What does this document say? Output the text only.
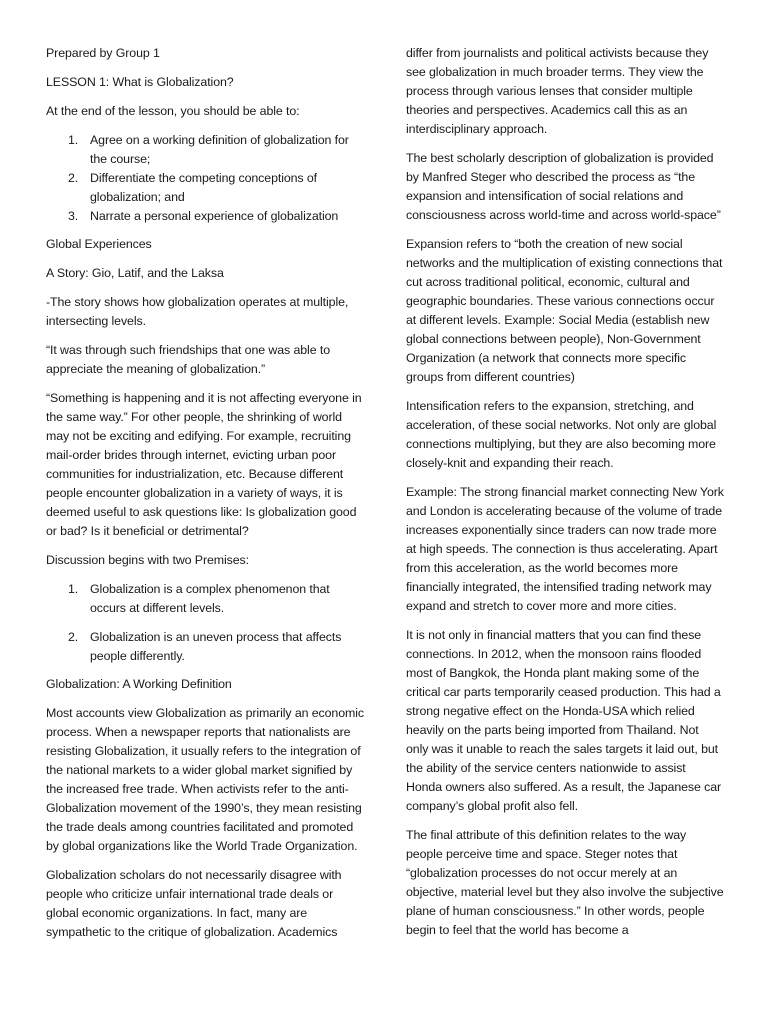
Prepared by Group 1

LESSON 1: What is Globalization?

At the end of the lesson, you should be able to:

1. Agree on a working definition of globalization for the course;
2. Differentiate the competing conceptions of globalization; and
3. Narrate a personal experience of globalization

Global Experiences

A Story: Gio, Latif, and the Laksa

-The story shows how globalization operates at multiple, intersecting levels.

“It was through such friendships that one was able to appreciate the meaning of globalization.”

“Something is happening and it is not affecting everyone in the same way.” For other people, the shrinking of world may not be exciting and edifying. For example, recruiting mail-order brides through internet, evicting urban poor communities for industrialization, etc. Because different people encounter globalization in a variety of ways, it is deemed useful to ask questions like: Is globalization good or bad? Is it beneficial or detrimental?

Discussion begins with two Premises:

1. Globalization is a complex phenomenon that occurs at different levels.
2. Globalization is an uneven process that affects people differently.

Globalization: A Working Definition

Most accounts view Globalization as primarily an economic process. When a newspaper reports that nationalists are resisting Globalization, it usually refers to the integration of the national markets to a wider global market signified by the increased free trade. When activists refer to the anti-Globalization movement of the 1990’s, they mean resisting the trade deals among countries facilitated and promoted by global organizations like the World Trade Organization.

Globalization scholars do not necessarily disagree with people who criticize unfair international trade deals or global economic organizations. In fact, many are sympathetic to the critique of globalization. Academics

differ from journalists and political activists because they see globalization in much broader terms. They view the process through various lenses that consider multiple theories and perspectives. Academics call this as an interdisciplinary approach.

The best scholarly description of globalization is provided by Manfred Steger who described the process as “the expansion and intensification of social relations and consciousness across world-time and across world-space”

Expansion refers to “both the creation of new social networks and the multiplication of existing connections that cut across traditional political, economic, cultural and geographic boundaries. These various connections occur at different levels. Example: Social Media (establish new global connections between people), Non-Government Organization (a network that connects more specific groups from different countries)

Intensification refers to the expansion, stretching, and acceleration, of these social networks. Not only are global connections multiplying, but they are also becoming more closely-knit and expanding their reach.

Example: The strong financial market connecting New York and London is accelerating because of the volume of trade increases exponentially since traders can now trade more at high speeds. The connection is thus accelerating. Apart from this acceleration, as the world becomes more financially integrated, the intensified trading network may expand and stretch to cover more and more cities.

It is not only in financial matters that you can find these connections. In 2012, when the monsoon rains flooded most of Bangkok, the Honda plant making some of the critical car parts temporarily ceased production. This had a strong negative effect on the Honda-USA which relied heavily on the parts being imported from Thailand. Not only was it unable to reach the sales targets it laid out, but the ability of the service centers nationwide to assist Honda owners also suffered. As a result, the Japanese car company’s global profit also fell.

The final attribute of this definition relates to the way people perceive time and space. Steger notes that “globalization processes do not occur merely at an objective, material level but they also involve the subjective plane of human consciousness.” In other words, people begin to feel that the world has become a
